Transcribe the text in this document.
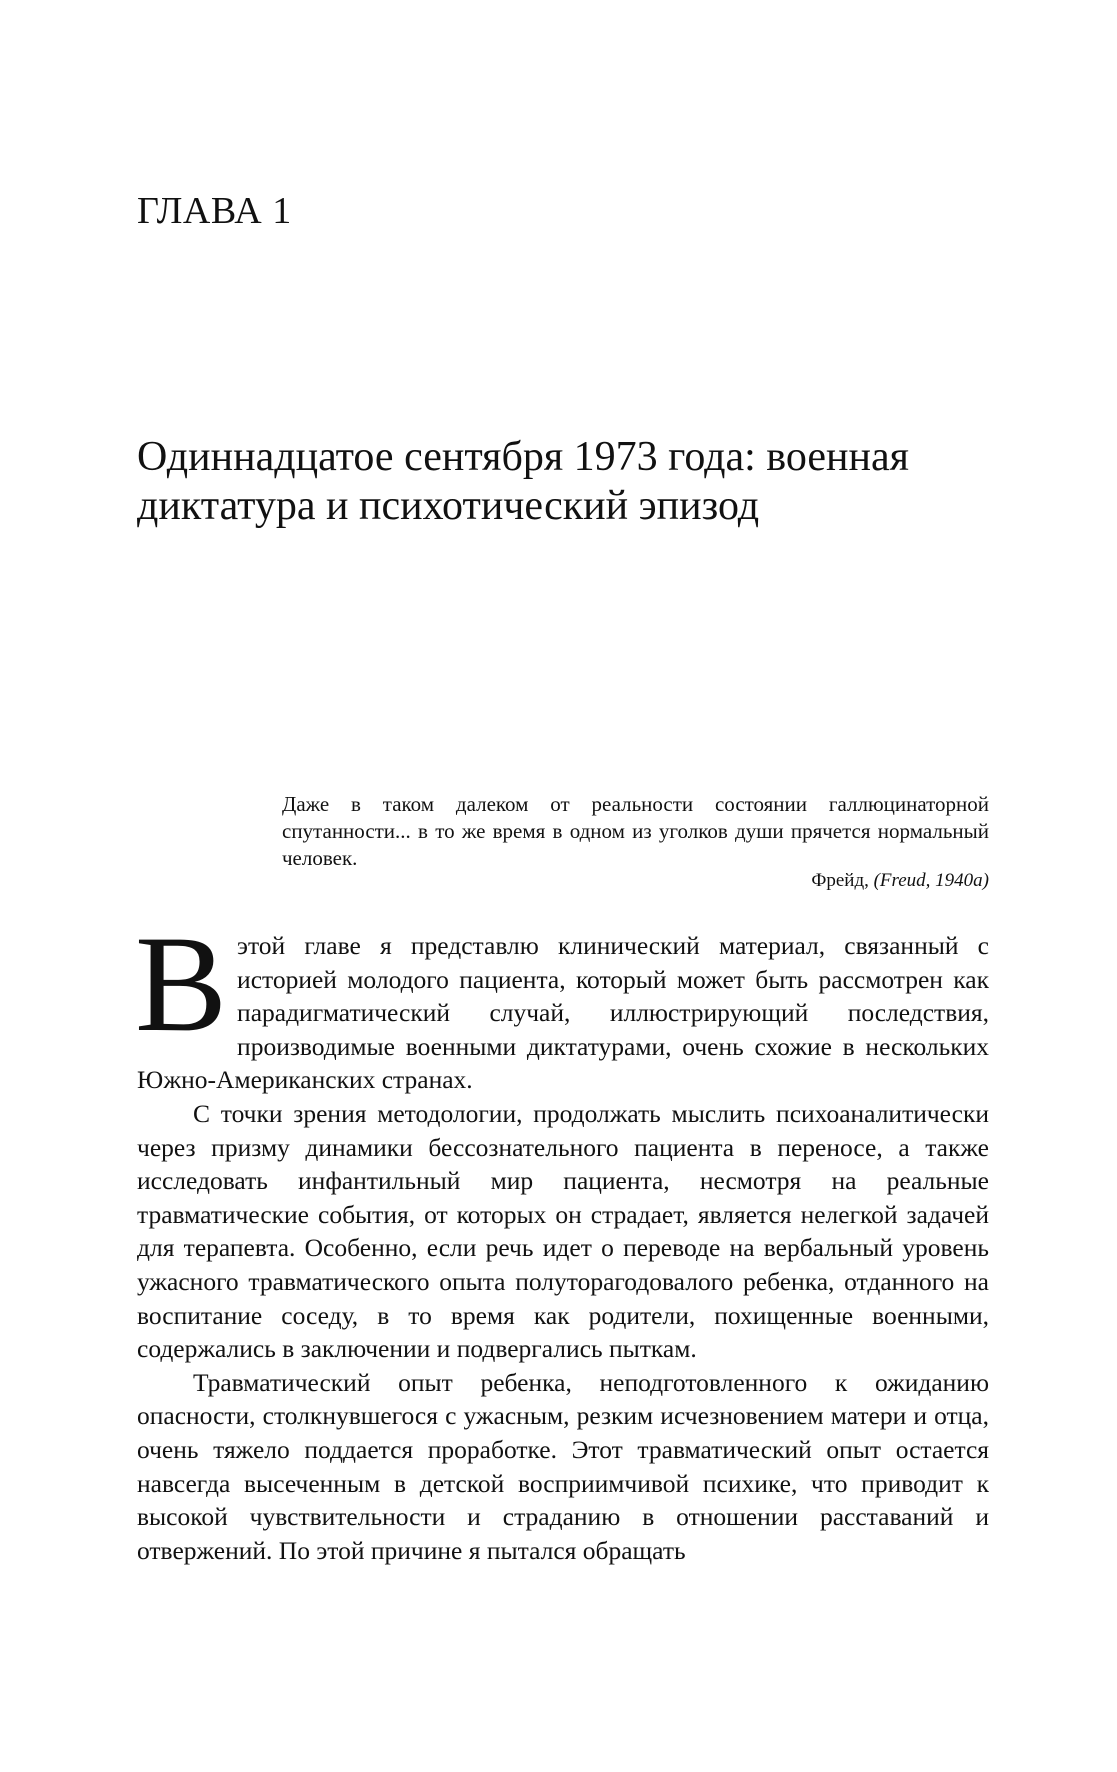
ГЛАВА 1
Одиннадцатое сентября 1973 года: военная диктатура и психотический эпизод
Даже в таком далеком от реальности состоянии галлюцинаторной спутанности... в то же время в одном из уголков души прячется нормальный человек.
Фрейд, (Freud, 1940a)

В этой главе я представлю клинический материал, связанный с историей молодого пациента, который может быть рассмотрен как парадигматический случай, иллюстрирующий последствия, производимые военными диктатурами, очень схожие в нескольких Южно-Американских странах.

С точки зрения методологии, продолжать мыслить психоаналитически через призму динамики бессознательного пациента в переносе, а также исследовать инфантильный мир пациента, несмотря на реальные травматические события, от которых он страдает, является нелегкой задачей для терапевта. Особенно, если речь идет о переводе на вербальный уровень ужасного травматического опыта полуторагодовалого ребенка, отданного на воспитание соседу, в то время как родители, похищенные военными, содержались в заключении и подвергались пыткам.

Травматический опыт ребенка, неподготовленного к ожиданию опасности, столкнувшегося с ужасным, резким исчезновением матери и отца, очень тяжело поддается проработке. Этот травматический опыт остается навсегда высеченным в детской восприимчивой психике, что приводит к высокой чувствительности и страданию в отношении расставаний и отвержений. По этой причине я пытался обращать
